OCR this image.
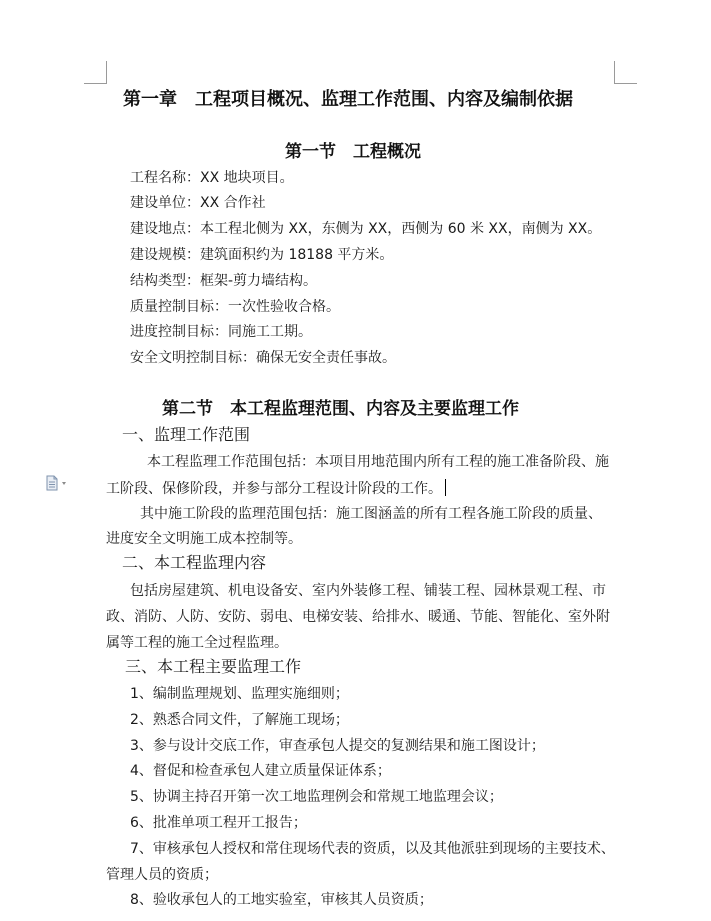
第一章　工程项目概况、监理工作范围、内容及编制依据
第一节　工程概况
工程名称：XX 地块项目。
建设单位：XX 合作社
建设地点：本工程北侧为 XX，东侧为 XX，西侧为 60 米 XX，南侧为 XX。
建设规模：建筑面积约为 18188 平方米。
结构类型：框架-剪力墙结构。
质量控制目标：一次性验收合格。
进度控制目标：同施工工期。
安全文明控制目标：确保无安全责任事故。
第二节　本工程监理范围、内容及主要监理工作
一、监理工作范围
本工程监理工作范围包括：本项目用地范围内所有工程的施工准备阶段、施
工阶段、保修阶段，并参与部分工程设计阶段的工作。
其中施工阶段的监理范围包括：施工图涵盖的所有工程各施工阶段的质量、
进度安全文明施工成本控制等。
二、本工程监理内容
包括房屋建筑、机电设备安、室内外装修工程、铺装工程、园林景观工程、市
政、消防、人防、安防、弱电、电梯安装、给排水、暖通、节能、智能化、室外附
属等工程的施工全过程监理。
三、本工程主要监理工作
1、编制监理规划、监理实施细则；
2、熟悉合同文件，了解施工现场；
3、参与设计交底工作，审查承包人提交的复测结果和施工图设计；
4、督促和检查承包人建立质量保证体系；
5、协调主持召开第一次工地监理例会和常规工地监理会议；
6、批准单项工程开工报告；
7、审核承包人授权和常住现场代表的资质，以及其他派驻到现场的主要技术、
管理人员的资质；
8、验收承包人的工地实验室，审核其人员资质；
